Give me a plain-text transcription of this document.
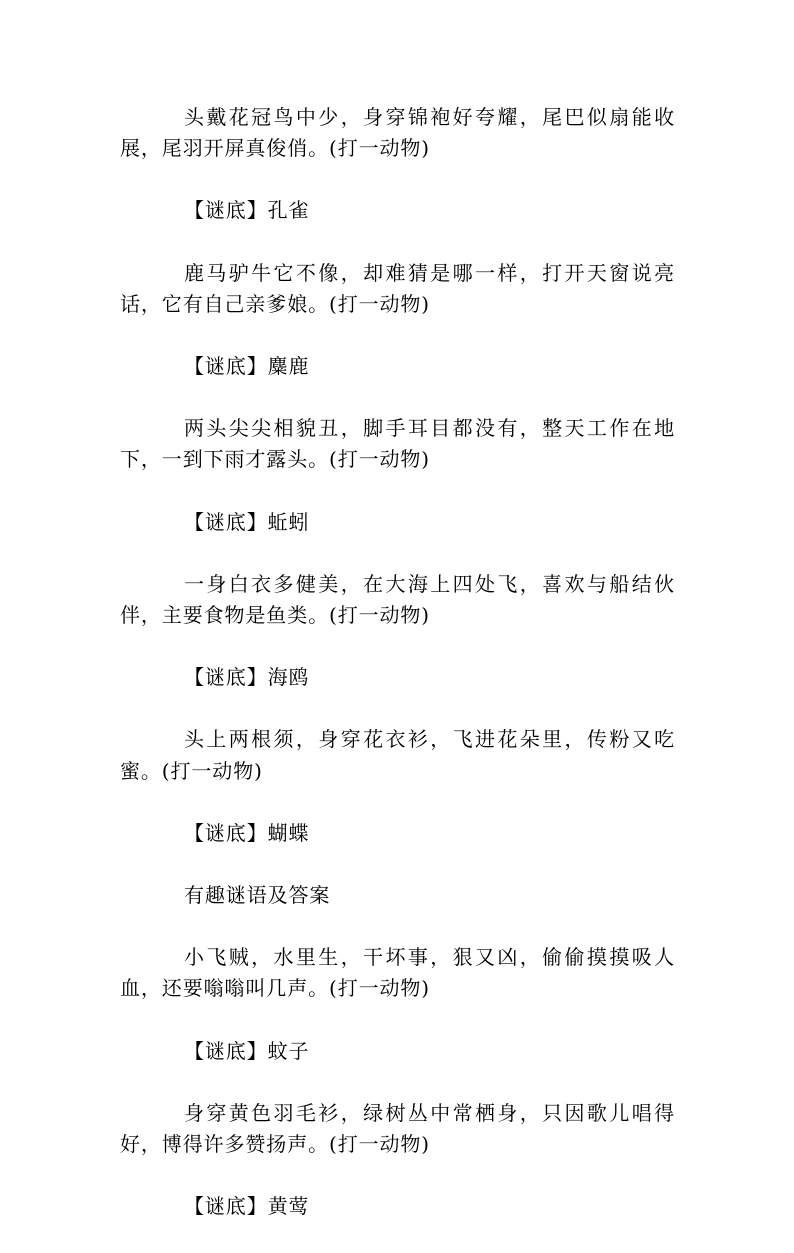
头戴花冠鸟中少，身穿锦袍好夸耀，尾巴似扇能收展，尾羽开屏真俊俏。(打一动物)

【谜底】孔雀

鹿马驴牛它不像，却难猜是哪一样，打开天窗说亮话，它有自己亲爹娘。(打一动物)

【谜底】麋鹿

两头尖尖相貌丑，脚手耳目都没有，整天工作在地下，一到下雨才露头。(打一动物)

【谜底】蚯蚓

一身白衣多健美，在大海上四处飞，喜欢与船结伙伴，主要食物是鱼类。(打一动物)

【谜底】海鸥

头上两根须，身穿花衣衫，飞进花朵里，传粉又吃蜜。(打一动物)

【谜底】蝴蝶

有趣谜语及答案

小飞贼，水里生，干坏事，狠又凶，偷偷摸摸吸人血，还要嗡嗡叫几声。(打一动物)

【谜底】蚊子

身穿黄色羽毛衫，绿树丛中常栖身，只因歌儿唱得好，博得许多赞扬声。(打一动物)

【谜底】黄莺
